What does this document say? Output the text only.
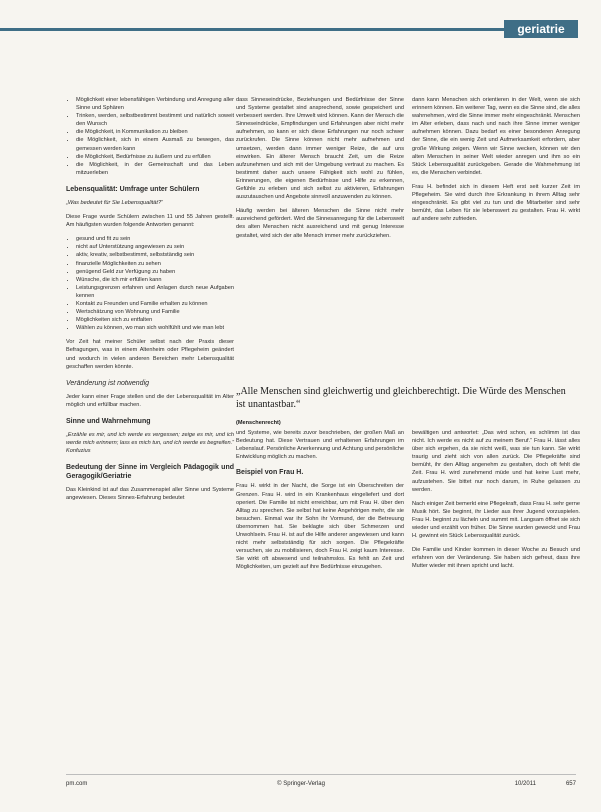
geriatrie
• Möglichkeit einer lebensfähigen Verbindung und Anregung aller Sinne und Sphären
• Trinken, werden, selbstbestimmt bestimmt und natürlich soweit den Wunsch
• die Möglichkeit, in Kommunikation zu bleiben
• die Möglichkeit, sich in einem Ausmaß zu bewegen, das gemessen werden kann
• die Möglichkeit, Bedürfnisse zu äußern und zu erfüllen
• die Möglichkeit, in der Gemeinschaft und das Leben mitzuerleben
Lebensqualität: Umfrage unter Schülern

„Was bedeutet für Sie Lebensqualität?“

Diese Frage wurde Schülern zwischen 11 und 55 Jahren gestellt. Am häufigsten wurden folgende Antworten genannt:

• gesund und fit zu sein
• nicht auf Unterstützung angewiesen zu sein
• aktiv, kreativ, selbstbestimmt, selbstständig sein
• finanzielle Möglichkeiten zu sehen
• genügend Geld zur Verfügung zu haben
• Wünsche, die ich mir erfüllen kann
• Leistungsgrenzen erfahren und Anlagen durch neue Aufgaben kennen
• Kontakt zu Freunden und Familie erhalten zu können
• Wertschätzung von Wohnung und Familie
• Möglichkeiten sich zu entfalten
• Wählen zu können, wo man sich wohlfühlt und wie man lebt

Vor Zeit hat meiner Schüler selbst nach der Praxis dieser Befragungen, was in einem Altenheim oder Pflegeheim geändert und wodurch in vielen anderen Bereichen mehr Lebensqualität geschaffen werden könnte.

Veränderung ist notwendig

Jeder kann einer Frage stellen und die der Lebensqualität im Alter möglich und erfüllbar machen.

Sinne und Wahrnehmung

„Erzähle es mir, und ich werde es vergessen; zeige es mir, und ich werde mich erinnern; lass es mich tun, und ich werde es begreifen.“ Konfuzius

Bedeutung der Sinne im Vergleich Pädagogik und Geragogik/Geriatrie

Das Kleinkind ist auf das Zusammenspiel aller Sinne und Systeme angewiesen. Dieses Sinnes-Erfahrung bedeutet

dass Sinneseindrücke, Beziehungen und Bedürfnisse der Sinne und Systeme gestaltet sind ansprechend, sowie gespeichert und verbessert werden. Ihre Umwelt wird können. Kann der Mensch die Sinneseindrücke, Empfindungen und Erfahrungen aber nicht mehr aufnehmen, so kann er sich diese Erfahrungen nur noch schwer zurückrufen. Die Sinne können nicht mehr aufnehmen und umsetzen, werden dann immer weniger Reize, die auf uns einwirken. Ein älterer Mensch braucht Zeit, um die Reize aufzunehmen und sich mit der Umgebung vertraut zu machen. Es bestimmt daher auch unsere Fähigkeit sich wohl zu fühlen, Erinnerungen, die eigenen Bedürfnisse und Hilfe zu erkennen, Gefühle zu erleben und sich selbst zu aktivieren, Erfahrungen auszutauschen und Angebote sinnvoll anzuwenden zu können.

Häufig werden bei älteren Menschen die Sinne nicht mehr ausreichend gefördert. Wird die Sinnesanregung für die Lebenswelt des alten Menschen nicht ausreichend und mit genug Interesse gestaltet, wird sich der alte Mensch immer mehr zurückziehen.

dann kann Menschen sich orientieren in der Welt, wenn sie sich erinnern können. Ein weiterer Tag, wenn es die Sinne sind, die alles wahrnehmen, wird die Sinne immer mehr eingeschränkt. Menschen im Alter erleben, dass nach und nach ihre Sinne immer weniger aufnehmen können. Dazu bedarf es einer besonderen Anregung der Sinne, die ein wenig Zeit und Aufmerksamkeit erfordern, aber große Wirkung zeigen. Wenn wir Sinne wecken, können wir den alten Menschen in seiner Welt wieder anregen und ihm so ein Stück Lebensqualität zurückgeben. Gerade die Wahrnehmung ist es, die Menschen verbindet.

Frau H. befindet sich in diesem Heft erst seit kurzer Zeit im Pflegeheim. Sie wird durch ihre Erkrankung in ihrem Alltag sehr eingeschränkt. Es gibt viel zu tun und die Mitarbeiter sind sehr bemüht, das Leben für sie lebenswert zu gestalten. Frau H. wirkt auf andere sehr zufrieden.

„Alle Menschen sind gleichwertig und gleichberechtigt. Die Würde des Menschen ist unantastbar.“
(Menschenrecht)

und Systeme, wie bereits zuvor beschrieben, der großen Maß an Bedeutung hat. Diese Vertrauen und erhaltenen Erfahrungen im Lebenslauf. Persönliche Anerkennung und Achtung und persönliche Entwicklung möglich zu machen.

Beispiel von Frau H.

Frau H. wirkt in der Nacht, die Sorge ist ein Überschreiten der Grenzen. Frau H. wird in ein Krankenhaus eingeliefert und dort operiert. Die Familie ist nicht erreichbar, um mit Frau H. über den Alltag zu sprechen. Sie selbst hat keine Angehörigen mehr, die sie besuchen. Einmal war ihr Sohn ihr Vormund, der die Betreuung übernommen hat. Sie beklagte sich über Schmerzen und Unwohlsein. Frau H. ist auf die Hilfe anderer angewiesen und kann nicht mehr selbstständig für sich sorgen. Die Pflegekräfte versuchen, sie zu mobilisieren, doch Frau H. zeigt kaum Interesse. Sie wirkt oft abwesend und teilnahmslos. Es fehlt an Zeit und Möglichkeiten, um gezielt auf ihre Bedürfnisse einzugehen.

bewältigen und antwortet: „Das wird schon, es schlimm ist das nicht. Ich werde es nicht auf zu meinem Beruf.“ Frau H. lässt alles über sich ergehen, da sie nicht weiß, was sie tun kann. Sie wirkt traurig und zieht sich von allen zurück. Die Pflegekräfte sind bemüht, ihr den Alltag angenehm zu gestalten, doch oft fehlt die Zeit. Frau H. wird zunehmend müde und hat keine Lust mehr, aufzustehen. Sie bittet nur noch darum, in Ruhe gelassen zu werden.

Nach einiger Zeit bemerkt eine Pflegekraft, dass Frau H. sehr gerne Musik hört. Sie beginnt, ihr Lieder aus ihrer Jugend vorzuspielen. Frau H. beginnt zu lächeln und summt mit. Langsam öffnet sie sich wieder und erzählt von früher. Die Sinne wurden geweckt und Frau H. gewinnt ein Stück Lebensqualität zurück.

Die Familie und Kinder kommen in dieser Woche zu Besuch und erfahren von der Veränderung. Sie haben sich gefreut, dass ihre Mutter wieder mit ihnen spricht und lacht.

pm.com	© Springer-Verlag	10/2011	657
